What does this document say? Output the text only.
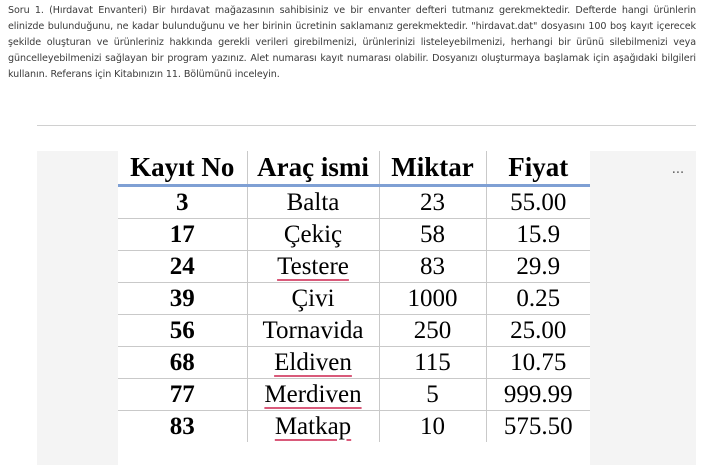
Soru 1. (Hırdavat Envanteri) Bir hırdavat mağazasının sahibisiniz ve bir envanter defteri tutmanız gerekmektedir. Defterde hangi ürünlerin elinizde bulunduğunu, ne kadar bulunduğunu ve her birinin ücretinin saklamanız gerekmektedir. "hirdavat.dat" dosyasını 100 boş kayıt içerecek şekilde oluşturan ve ürünleriniz hakkında gerekli verileri girebilmenizi, ürünlerinizi listeleyebilmenizi, herhangi bir ürünü silebilmenizi veya güncelleyebilmenizi sağlayan bir program yazınız. Alet numarası kayıt numarası olabilir. Dosyanızı oluşturmaya başlamak için aşağıdaki bilgileri kullanın. Referans için Kitabınızın 11. Bölümünü inceleyin.

...
Kayıt No	Araç ismi	Miktar	Fiyat
3	Balta	23	55.00
17	Çekiç	58	15.9
24	Testere	83	29.9
39	Çivi	1000	0.25
56	Tornavida	250	25.00
68	Eldiven	115	10.75
77	Merdiven	5	999.99
83	Matkap	10	575.50
